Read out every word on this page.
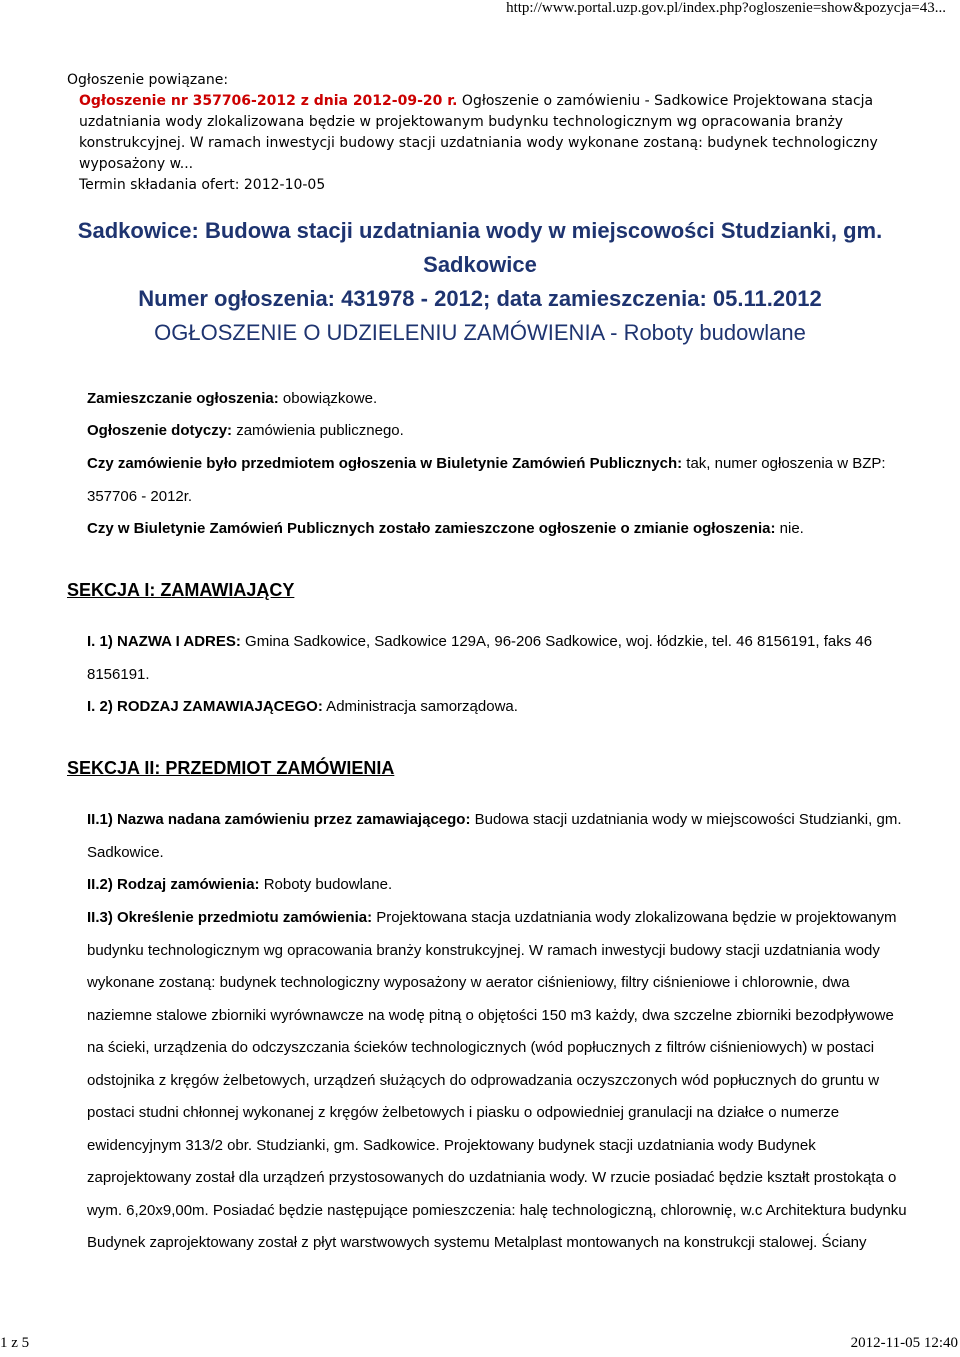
http://www.portal.uzp.gov.pl/index.php?ogloszenie=show&pozycja=43...
Ogłoszenie powiązane:
Ogłoszenie nr 357706-2012 z dnia 2012-09-20 r. Ogłoszenie o zamówieniu - Sadkowice Projektowana stacja uzdatniania wody zlokalizowana będzie w projektowanym budynku technologicznym wg opracowania branży konstrukcyjnej. W ramach inwestycji budowy stacji uzdatniania wody wykonane zostaną: budynek technologiczny wyposażony w...
Termin składania ofert: 2012-10-05
Sadkowice: Budowa stacji uzdatniania wody w miejscowości Studzianki, gm. Sadkowice
Numer ogłoszenia: 431978 - 2012; data zamieszczenia: 05.11.2012
OGŁOSZENIE O UDZIELENIU ZAMÓWIENIA - Roboty budowlane
Zamieszczanie ogłoszenia: obowiązkowe.
Ogłoszenie dotyczy: zamówienia publicznego.
Czy zamówienie było przedmiotem ogłoszenia w Biuletynie Zamówień Publicznych: tak, numer ogłoszenia w BZP: 357706 - 2012r.
Czy w Biuletynie Zamówień Publicznych zostało zamieszczone ogłoszenie o zmianie ogłoszenia: nie.
SEKCJA I: ZAMAWIAJĄCY
I. 1) NAZWA I ADRES: Gmina Sadkowice, Sadkowice 129A, 96-206 Sadkowice, woj. łódzkie, tel. 46 8156191, faks 46 8156191.
I. 2) RODZAJ ZAMAWIAJĄCEGO: Administracja samorządowa.
SEKCJA II: PRZEDMIOT ZAMÓWIENIA
II.1) Nazwa nadana zamówieniu przez zamawiającego: Budowa stacji uzdatniania wody w miejscowości Studzianki, gm. Sadkowice.
II.2) Rodzaj zamówienia: Roboty budowlane.
II.3) Określenie przedmiotu zamówienia: Projektowana stacja uzdatniania wody zlokalizowana będzie w projektowanym budynku technologicznym wg opracowania branży konstrukcyjnej. W ramach inwestycji budowy stacji uzdatniania wody wykonane zostaną: budynek technologiczny wyposażony w aerator ciśnieniowy, filtry ciśnieniowe i chlorownie, dwa naziemne stalowe zbiorniki wyrównawcze na wodę pitną o objętości 150 m3 każdy, dwa szczelne zbiorniki bezodpływowe na ścieki, urządzenia do odczyszczania ścieków technologicznych (wód popłucznych z filtrów ciśnieniowych) w postaci odstojnika z kręgów żelbetowych, urządzeń służących do odprowadzania oczyszczonych wód popłucznych do gruntu w postaci studni chłonnej wykonanej z kręgów żelbetowych i piasku o odpowiedniej granulacji na działce o numerze ewidencyjnym 313/2 obr. Studzianki, gm. Sadkowice. Projektowany budynek stacji uzdatniania wody Budynek zaprojektowany został dla urządzeń przystosowanych do uzdatniania wody. W rzucie posiadać będzie kształt prostokąta o wym. 6,20x9,00m. Posiadać będzie następujące pomieszczenia: halę technologiczną, chlorownię, w.c Architektura budynku Budynek zaprojektowany został z płyt warstwowych systemu Metalplast montowanych na konstrukcji stalowej. Ściany
1 z 5	2012-11-05 12:40
